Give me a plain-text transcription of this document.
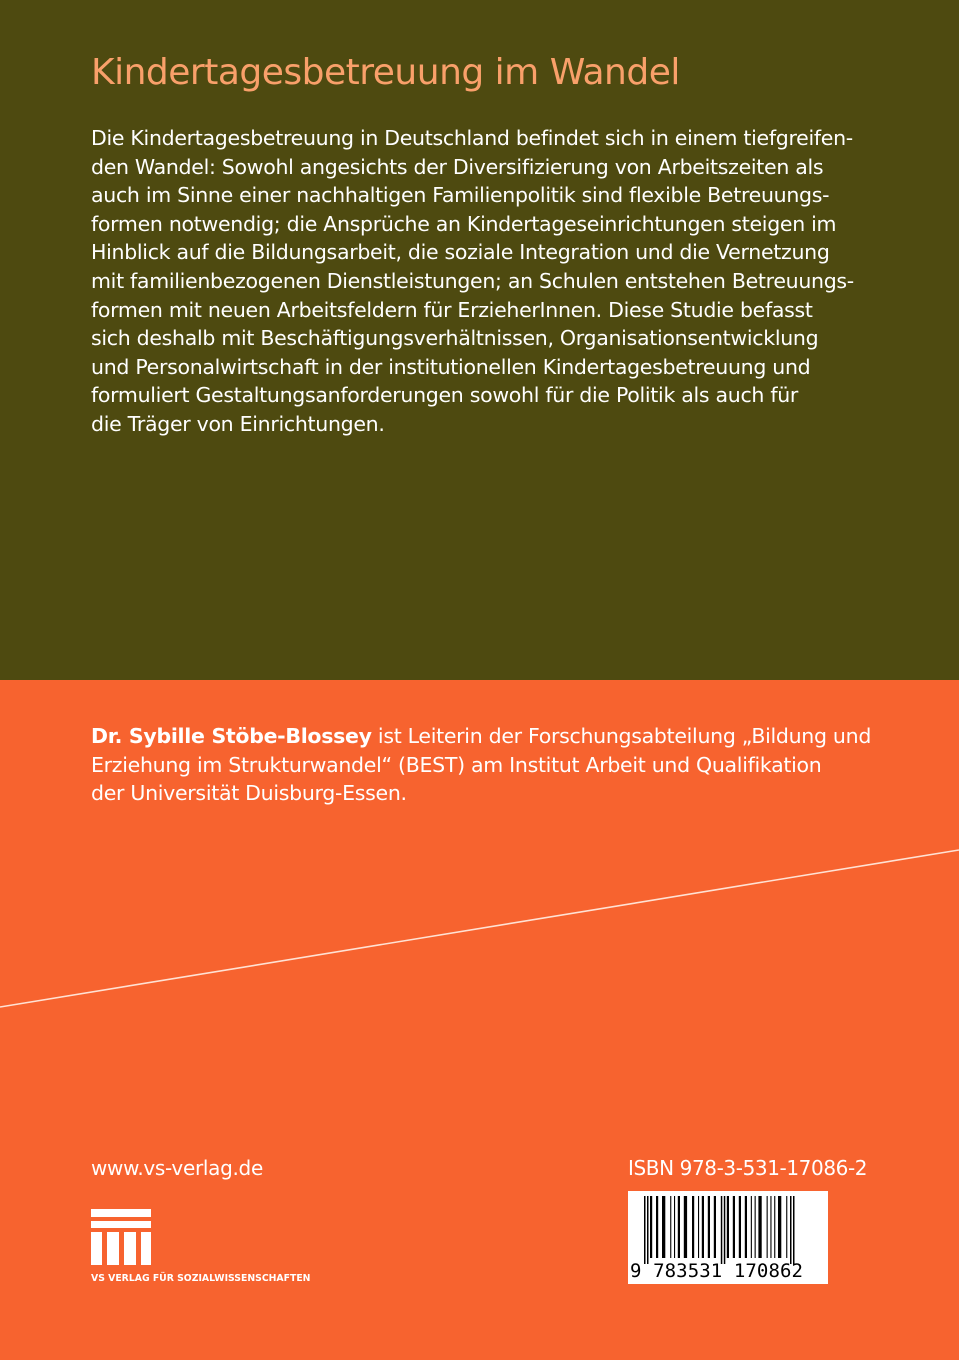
Kindertagesbetreuung im Wandel
Die Kindertagesbetreuung in Deutschland befindet sich in einem tiefgreifen-
den Wandel: Sowohl angesichts der Diversifizierung von Arbeitszeiten als
auch im Sinne einer nachhaltigen Familienpolitik sind flexible Betreuungs-
formen notwendig; die Ansprüche an Kindertageseinrichtungen steigen im
Hinblick auf die Bildungsarbeit, die soziale Integration und die Vernetzung
mit familienbezogenen Dienstleistungen; an Schulen entstehen Betreuungs-
formen mit neuen Arbeitsfeldern für ErzieherInnen. Diese Studie befasst
sich deshalb mit Beschäftigungsverhältnissen, Organisationsentwicklung
und Personalwirtschaft in der institutionellen Kindertagesbetreuung und
formuliert Gestaltungsanforderungen sowohl für die Politik als auch für
die Träger von Einrichtungen.
Dr. Sybille Stöbe-Blossey ist Leiterin der Forschungsabteilung „Bildung und
Erziehung im Strukturwandel“ (BEST) am Institut Arbeit und Qualifikation
der Universität Duisburg-Essen.
www.vs-verlag.de
VS VERLAG FÜR SOZIALWISSENSCHAFTEN
ISBN 978-3-531-17086-2
9 783531 170862
